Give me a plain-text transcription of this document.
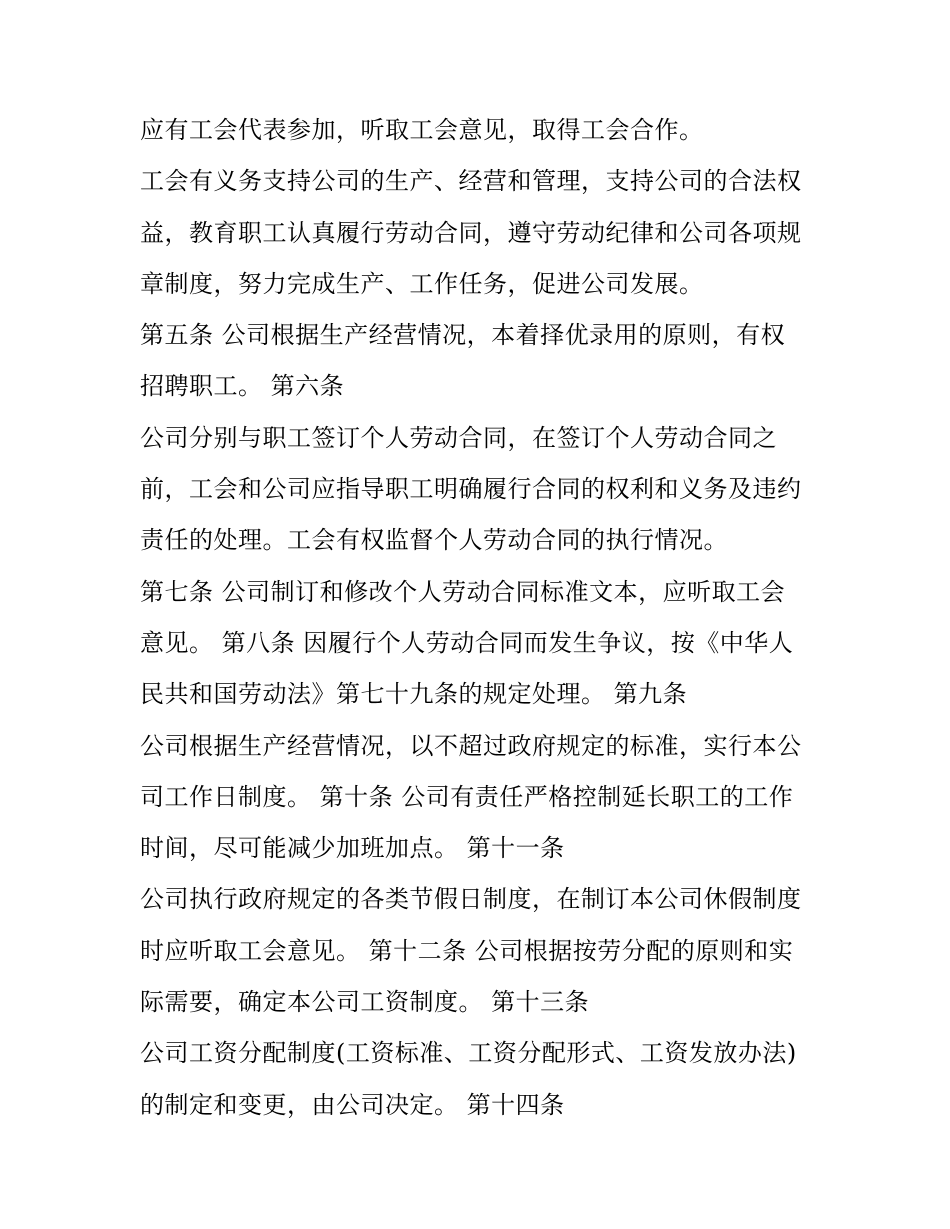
应有工会代表参加，听取工会意见，取得工会合作。
工会有义务支持公司的生产、经营和管理，支持公司的合法权
益，教育职工认真履行劳动合同，遵守劳动纪律和公司各项规
章制度，努力完成生产、工作任务，促进公司发展。
第五条 公司根据生产经营情况，本着择优录用的原则，有权
招聘职工。 第六条
公司分别与职工签订个人劳动合同，在签订个人劳动合同之
前，工会和公司应指导职工明确履行合同的权利和义务及违约
责任的处理。工会有权监督个人劳动合同的执行情况。
第七条 公司制订和修改个人劳动合同标准文本，应听取工会
意见。 第八条 因履行个人劳动合同而发生争议，按《中华人
民共和国劳动法》第七十九条的规定处理。 第九条
公司根据生产经营情况，以不超过政府规定的标准，实行本公
司工作日制度。 第十条 公司有责任严格控制延长职工的工作
时间，尽可能减少加班加点。 第十一条
公司执行政府规定的各类节假日制度，在制订本公司休假制度
时应听取工会意见。 第十二条 公司根据按劳分配的原则和实
际需要，确定本公司工资制度。 第十三条
公司工资分配制度(工资标准、工资分配形式、工资发放办法)
的制定和变更，由公司决定。 第十四条
